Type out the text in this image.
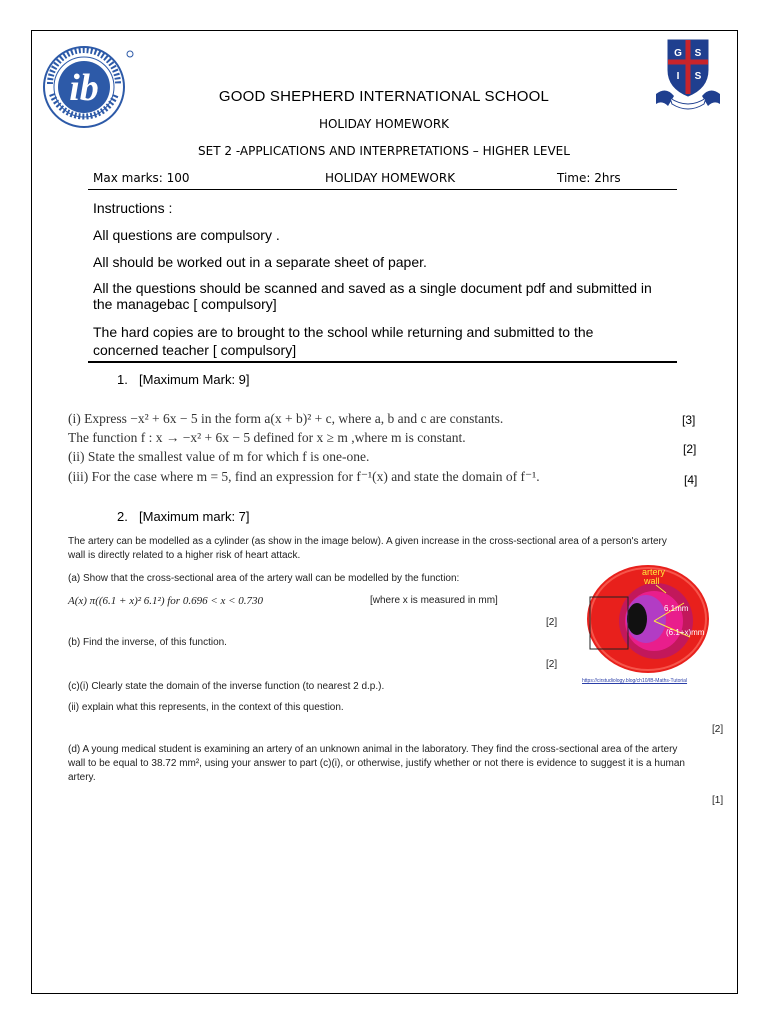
ib
G S
I S
GOOD SHEPHERD INTERNATIONAL SCHOOL
HOLIDAY HOMEWORK
SET 2 -APPLICATIONS AND INTERPRETATIONS – HIGHER LEVEL
Max marks: 100	HOLIDAY HOMEWORK	Time: 2hrs
Instructions :
All questions are compulsory .
All should be worked out in a separate sheet of paper.
All the questions should be scanned and saved as a single document pdf and submitted in
the managebac [ compulsory]
The hard copies are to brought to the school while returning and submitted to the
concerned teacher [ compulsory]
1. [Maximum Mark: 9]
(i) Express −x² + 6x − 5 in the form a(x + b)² + c, where a, b and c are constants.
The function f : x → −x² + 6x − 5 defined for x ≥ m ,where m is constant.
(ii) State the smallest value of m for which f is one-one.
(iii) For the case where m = 5, find an expression for f⁻¹(x) and state the domain of f⁻¹.
[3]
[2]
[4]
2. [Maximum mark: 7]
The artery can be modelled as a cylinder (as show in the image below). A given increase in the cross-sectional area of a person's artery
wall is directly related to a higher risk of heart attack.
(a) Show that the cross-sectional area of the artery wall can be modelled by the function:
A(x) π((6.1 + x)² 6.1²) for 0.696 < x < 0.730	[where x is measured in mm]
[2]
(b) Find the inverse, of this function.
[2]
(c)(i) Clearly state the domain of the inverse function (to nearest 2 d.p.).
(ii) explain what this represents, in the context of this question.
[2]
(d) A young medical student is examining an artery of an unknown animal in the laboratory. They find the cross-sectional area of the artery
wall to be equal to 38.72 mm², using your answer to part (c)(i), or otherwise, justify whether or not there is evidence to suggest it is a human
artery.
[1]
artery
wall
6.1mm
(6.1+x)mm
https://cirstudiology.blog/ch10/IB-Maths-Tutorial
